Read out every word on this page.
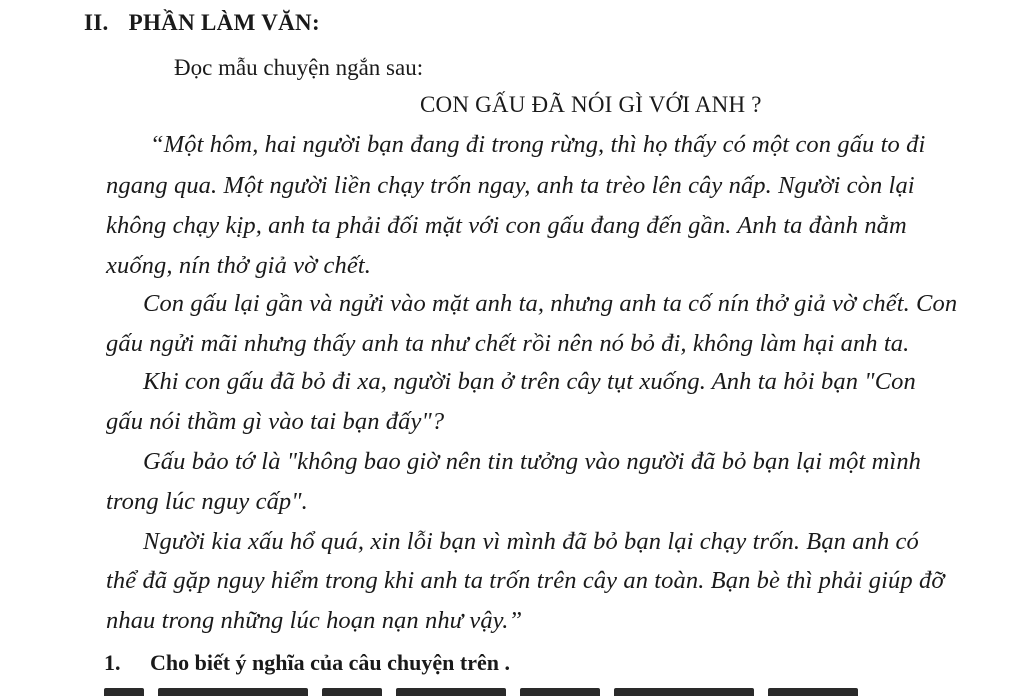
II. PHẦN LÀM VĂN:
Đọc mẫu chuyện ngắn sau:
CON GẤU ĐÃ NÓI GÌ VỚI ANH ?
“Một hôm, hai người bạn đang đi trong rừng, thì họ thấy có một con gấu to đi
ngang qua. Một người liền chạy trốn ngay, anh ta trèo lên cây nấp. Người còn lại
không chạy kịp, anh ta phải đối mặt với con gấu đang đến gần. Anh ta đành nằm
xuống, nín thở giả vờ chết.
Con gấu lại gần và ngửi vào mặt anh ta, nhưng anh ta cố nín thở giả vờ chết. Con
gấu ngửi mãi nhưng thấy anh ta như chết rồi nên nó bỏ đi, không làm hại anh ta.
Khi con gấu đã bỏ đi xa, người bạn ở trên cây tụt xuống. Anh ta hỏi bạn "Con
gấu nói thầm gì vào tai bạn đấy"?
Gấu bảo tớ là "không bao giờ nên tin tưởng vào người đã bỏ bạn lại một mình
trong lúc nguy cấp".
Người kia xấu hổ quá, xin lỗi bạn vì mình đã bỏ bạn lại chạy trốn. Bạn anh có
thể đã gặp nguy hiểm trong khi anh ta trốn trên cây an toàn. Bạn bè thì phải giúp đỡ
nhau trong những lúc hoạn nạn như vậy.”
1. Cho biết ý nghĩa của câu chuyện trên .
